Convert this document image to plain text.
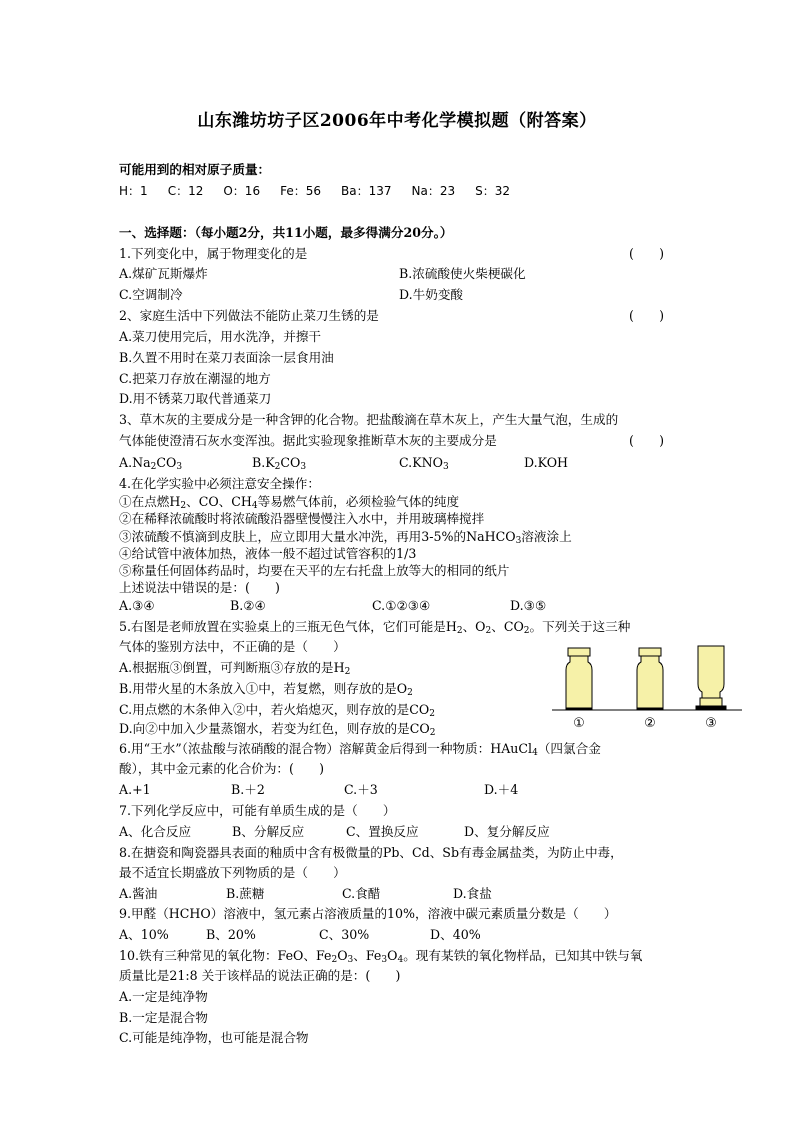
山东潍坊坊子区2006年中考化学模拟题（附答案）
可能用到的相对原子质量：
H：1 C：12 O：16 Fe：56 Ba：137 Na：23 S：32
一、选择题：（每小题2分，共11小题，最多得满分20分。）
1.下列变化中，属于物理变化的是	(　　)
A.煤矿瓦斯爆炸	B.浓硫酸使火柴梗碳化
C.空调制冷	D.牛奶变酸
2、家庭生活中下列做法不能防止菜刀生锈的是	(　　)
A.菜刀使用完后，用水洗净，并擦干
B.久置不用时在菜刀表面涂一层食用油
C.把菜刀存放在潮湿的地方
D.用不锈菜刀取代普通菜刀
3、草木灰的主要成分是一种含钾的化合物。把盐酸滴在草木灰上，产生大量气泡，生成的
气体能使澄清石灰水变浑浊。据此实验现象推断草木灰的主要成分是	(　　)
$A.Na_2CO_3$	$B.K_2CO_3$	$C.KNO_3$	D.KOH
4.在化学实验中必须注意安全操作：
①在点燃$H_2$、CO、$CH_4$等易燃气体前，必须检验气体的纯度
②在稀释浓硫酸时将浓硫酸沿器壁慢慢注入水中，并用玻璃棒搅拌
③浓硫酸不慎滴到皮肤上，应立即用大量水冲洗，再用3-5%的NaHCO$_3$溶液涂上
④给试管中液体加热，液体一般不超过试管容积的1/3
⑤称量任何固体药品时，均要在天平的左右托盘上放等大的相同的纸片
上述说法中错误的是：(　　)
A.③④	B.②④	C.①②③④	D.③⑤
5.右图是老师放置在实验桌上的三瓶无色气体，它们可能是$H_2$、$O_2$、$CO_2$。下列关于这三种
气体的鉴别方法中，不正确的是（　　）
A.根据瓶③倒置，可判断瓶③存放的是$H_2$
B.用带火星的木条放入①中，若复燃，则存放的是$O_2$
C.用点燃的木条伸入②中，若火焰熄灭，则存放的是$CO_2$
D.向②中加入少量蒸馏水，若变为红色，则存放的是$CO_2$
①	②	③
6.用“王水”（浓盐酸与浓硝酸的混合物）溶解黄金后得到一种物质：HAuCl$_4$（四氯合金
酸），其中金元素的化合价为：(　　)
A.+1	B.＋2	C.＋3	D.＋4
7.下列化学反应中，可能有单质生成的是（　　）
A、化合反应	B、分解反应	C、置换反应	D、复分解反应
8.在搪瓷和陶瓷器具表面的釉质中含有极微量的Pb、Cd、Sb有毒金属盐类，为防止中毒，
最不适宜长期盛放下列物质的是（　　）
A.酱油	B.蔗糖	C.食醋	D.食盐
9.甲醛（HCHO）溶液中，氢元素占溶液质量的10%，溶液中碳元素质量分数是（　　）
A、10%	B、20%	C、30%	D、40%
10.铁有三种常见的氧化物：FeO、$Fe_2O_3$、$Fe_3O_4$。现有某铁的氧化物样品，已知其中铁与氧
质量比是21:8 关于该样品的说法正确的是：(　　)
A.一定是纯净物
B.一定是混合物
C.可能是纯净物，也可能是混合物
